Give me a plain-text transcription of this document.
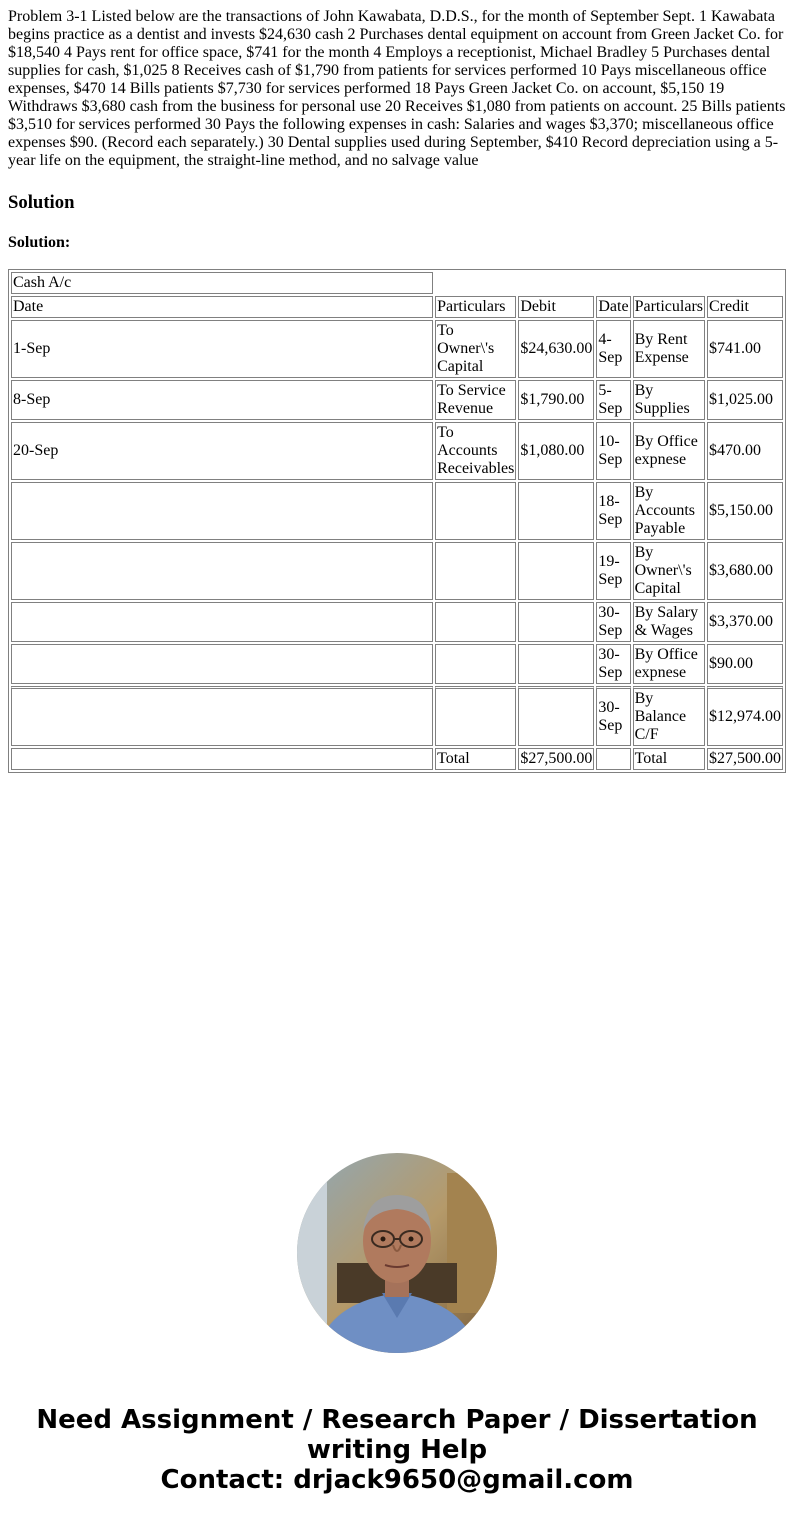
Problem 3-1 Listed below are the transactions of John Kawabata, D.D.S., for the month of September Sept. 1 Kawabata begins practice as a dentist and invests $24,630 cash 2 Purchases dental equipment on account from Green Jacket Co. for $18,540 4 Pays rent for office space, $741 for the month 4 Employs a receptionist, Michael Bradley 5 Purchases dental supplies for cash, $1,025 8 Receives cash of $1,790 from patients for services performed 10 Pays miscellaneous office expenses, $470 14 Bills patients $7,730 for services performed 18 Pays Green Jacket Co. on account, $5,150 19 Withdraws $3,680 cash from the business for personal use 20 Receives $1,080 from patients on account. 25 Bills patients $3,510 for services performed 30 Pays the following expenses in cash: Salaries and wages $3,370; miscellaneous office expenses $90. (Record each separately.) 30 Dental supplies used during September, $410 Record depreciation using a 5-year life on the equipment, the straight-line method, and no salvage value

Solution

Solution:

Cash A/c					
Date	Particulars	Debit	Date	Particulars	Credit
1-Sep	To Owner\'s Capital	$24,630.00	4-Sep	By Rent Expense	$741.00
8-Sep	To Service Revenue	$1,790.00	5-Sep	By Supplies	$1,025.00
20-Sep	To Accounts Receivables	$1,080.00	10-Sep	By Office expnese	$470.00
			18-Sep	By Accounts Payable	$5,150.00
			19-Sep	By Owner\'s Capital	$3,680.00
			30-Sep	By Salary & Wages	$3,370.00
			30-Sep	By Office expnese	$90.00
			30-Sep	By Balance C/F	$12,974.00
	Total	$27,500.00		Total	$27,500.00
Need Assignment / Research Paper / Dissertation writing Help
Contact: drjack9650@gmail.com
